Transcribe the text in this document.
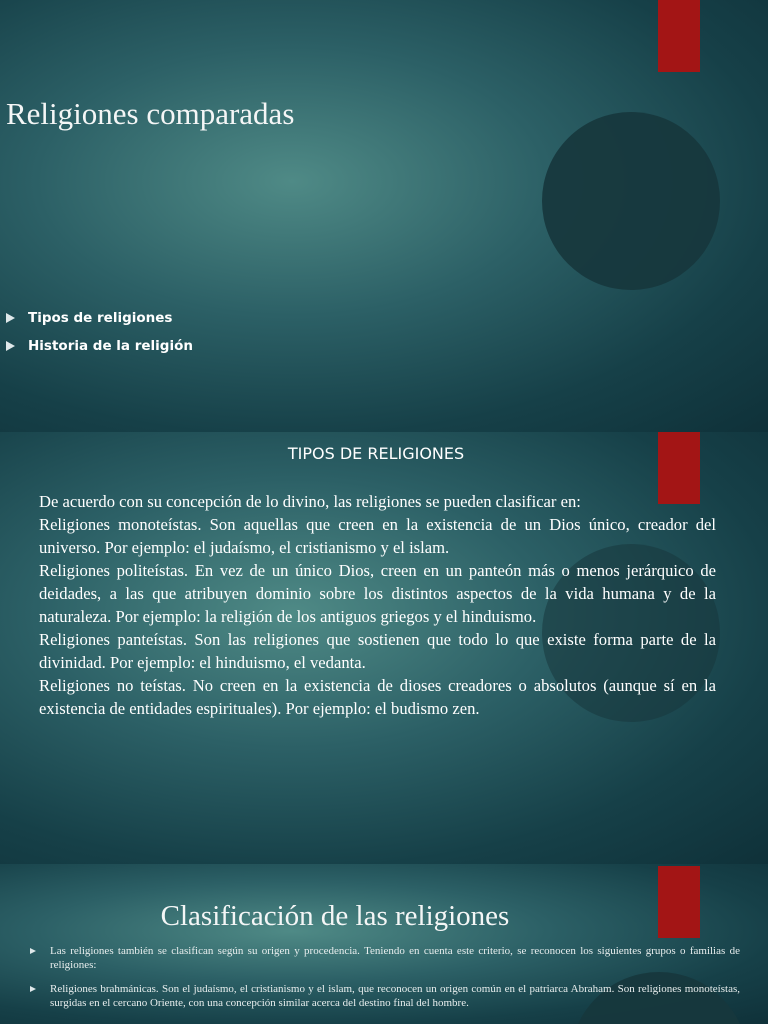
Religiones comparadas
Tipos de religiones
Historia de la religión
TIPOS DE RELIGIONES

De acuerdo con su concepción de lo divino, las religiones se pueden clasificar en:

Religiones monoteístas. Son aquellas que creen en la existencia de un Dios único, creador del universo. Por ejemplo: el judaísmo, el cristianismo y el islam.

Religiones politeístas. En vez de un único Dios, creen en un panteón más o menos jerárquico de deidades, a las que atribuyen dominio sobre los distintos aspectos de la vida humana y de la naturaleza. Por ejemplo: la religión de los antiguos griegos y el hinduismo.

Religiones panteístas. Son las religiones que sostienen que todo lo que existe forma parte de la divinidad. Por ejemplo: el hinduismo, el vedanta.

Religiones no teístas. No creen en la existencia de dioses creadores o absolutos (aunque sí en la existencia de entidades espirituales). Por ejemplo: el budismo zen.

Clasificación de las religiones
Las religiones también se clasifican según su origen y procedencia. Teniendo en cuenta este criterio, se reconocen los siguientes grupos o familias de religiones:
Religiones brahmánicas. Son el judaísmo, el cristianismo y el islam, que reconocen un origen común en el patriarca Abraham. Son religiones monoteístas, surgidas en el cercano Oriente, con una concepción similar acerca del destino final del hombre.
